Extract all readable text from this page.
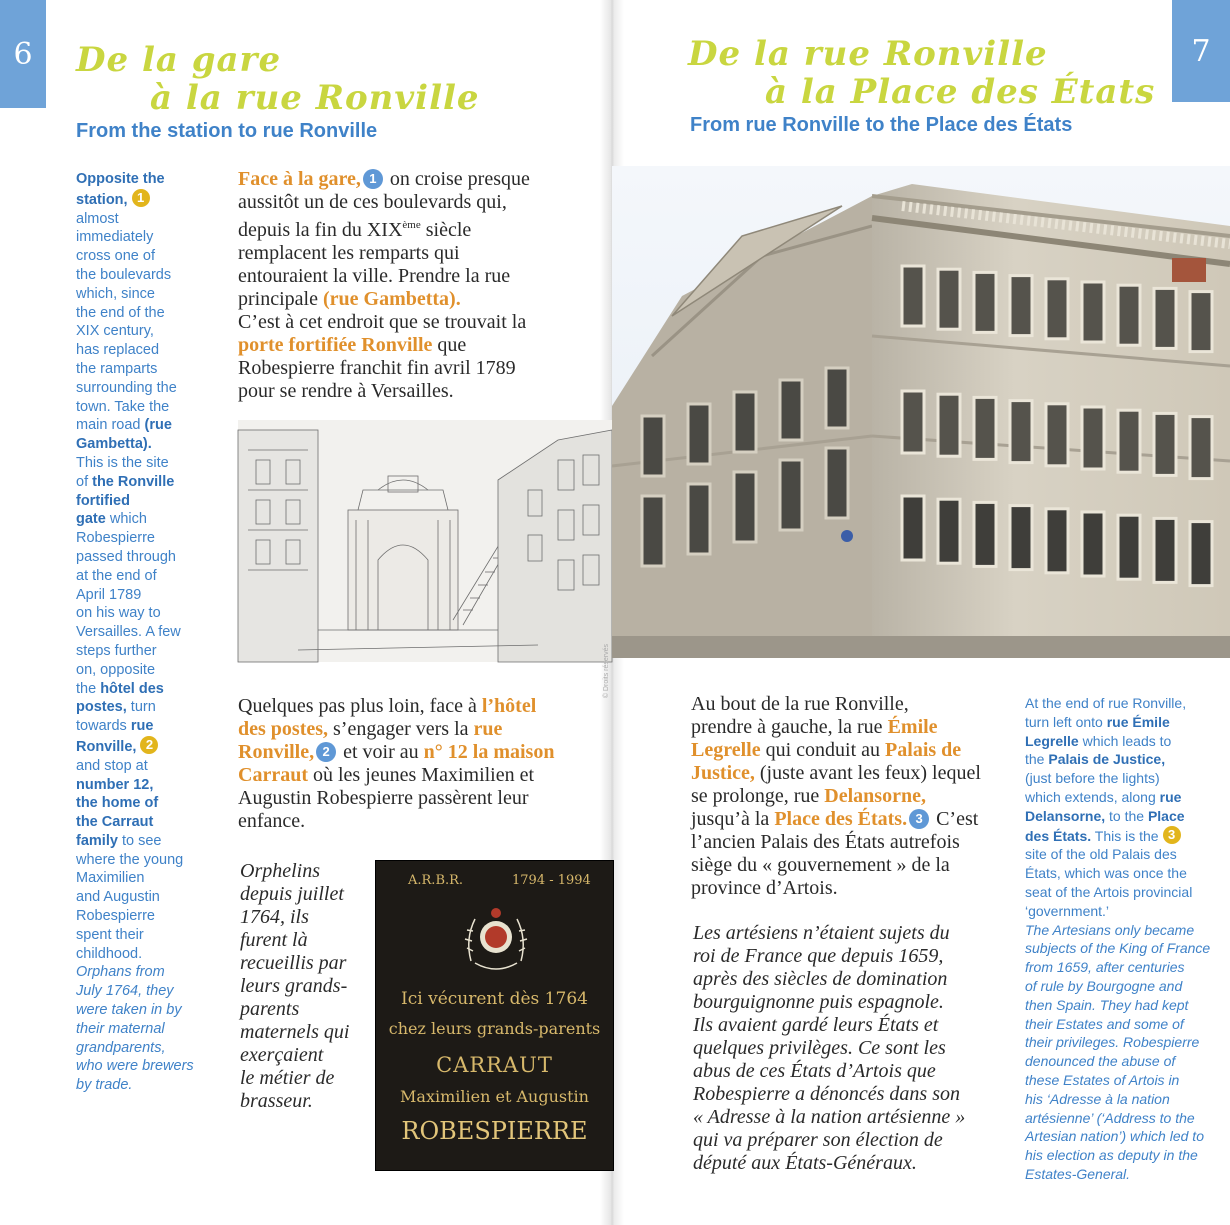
6 De la gare
à la rue Ronville
From the station to rue Ronville
Opposite the
station, 1
almost
immediately
cross one of
the boulevards
which, since
the end of the
XIX century,
has replaced
the ramparts
surrounding the
town. Take the
main road (rue
Gambetta).
This is the site
of the Ronville
fortified
gate which
Robespierre
passed through
at the end of
April 1789
on his way to
Versailles. A few
steps further
on, opposite
the hôtel des
postes, turn
towards rue
Ronville, 2
and stop at
number 12,
the home of
the Carraut
family to see
where the young
Maximilien
and Augustin
Robespierre
spent their
childhood.
Orphans from
July 1764, they
were taken in by
their maternal
grandparents,
who were brewers
by trade.
Face à la gare, 1 on croise presque
aussitôt un de ces boulevards qui,
depuis la fin du XIXème siècle
remplacent les remparts qui
entouraient la ville. Prendre la rue
principale (rue Gambetta).
C’est à cet endroit que se trouvait la
porte fortifiée Ronville que
Robespierre franchit fin avril 1789
pour se rendre à Versailles.
© Droits réservés
Quelques pas plus loin, face à l’hôtel
des postes, s’engager vers la rue
Ronville, 2 et voir au n° 12 la maison
Carraut où les jeunes Maximilien et
Augustin Robespierre passèrent leur
enfance.
Orphelins
depuis juillet
1764, ils
furent là
recueillis par
leurs grands-
parents
maternels qui
exerçaient
le métier de
brasseur.
A.R.B.R.	1794 - 1994
Ici vécurent dès 1764
chez leurs grands-parents
CARRAUT
Maximilien et Augustin
ROBESPIERRE
7
De la rue Ronville
à la Place des États
From rue Ronville to the Place des États
Au bout de la rue Ronville,
prendre à gauche, la rue Émile
Legrelle qui conduit au Palais de
Justice, (juste avant les feux) lequel
se prolonge, rue Delansorne,
jusqu’à la Place des États. 3 C’est
l’ancien Palais des États autrefois
siège du « gouvernement » de la
province d’Artois.
Les artésiens n’étaient sujets du
roi de France que depuis 1659,
après des siècles de domination
bourguignonne puis espagnole.
Ils avaient gardé leurs États et
quelques privilèges. Ce sont les
abus de ces États d’Artois que
Robespierre a dénoncés dans son
« Adresse à la nation artésienne »
qui va préparer son élection de
député aux États-Généraux.
At the end of rue Ronville,
turn left onto rue Émile
Legrelle which leads to
the Palais de Justice,
(just before the lights)
which extends, along rue
Delansorne, to the Place
des États. This is the 3
site of the old Palais des
États, which was once the
seat of the Artois provincial
‘government.’
The Artesians only became
subjects of the King of France
from 1659, after centuries
of rule by Bourgogne and
then Spain. They had kept
their Estates and some of
their privileges. Robespierre
denounced the abuse of
these Estates of Artois in
his ‘Adresse à la nation
artésienne’ (‘Address to the
Artesian nation’) which led to
his election as deputy in the
Estates-General.
